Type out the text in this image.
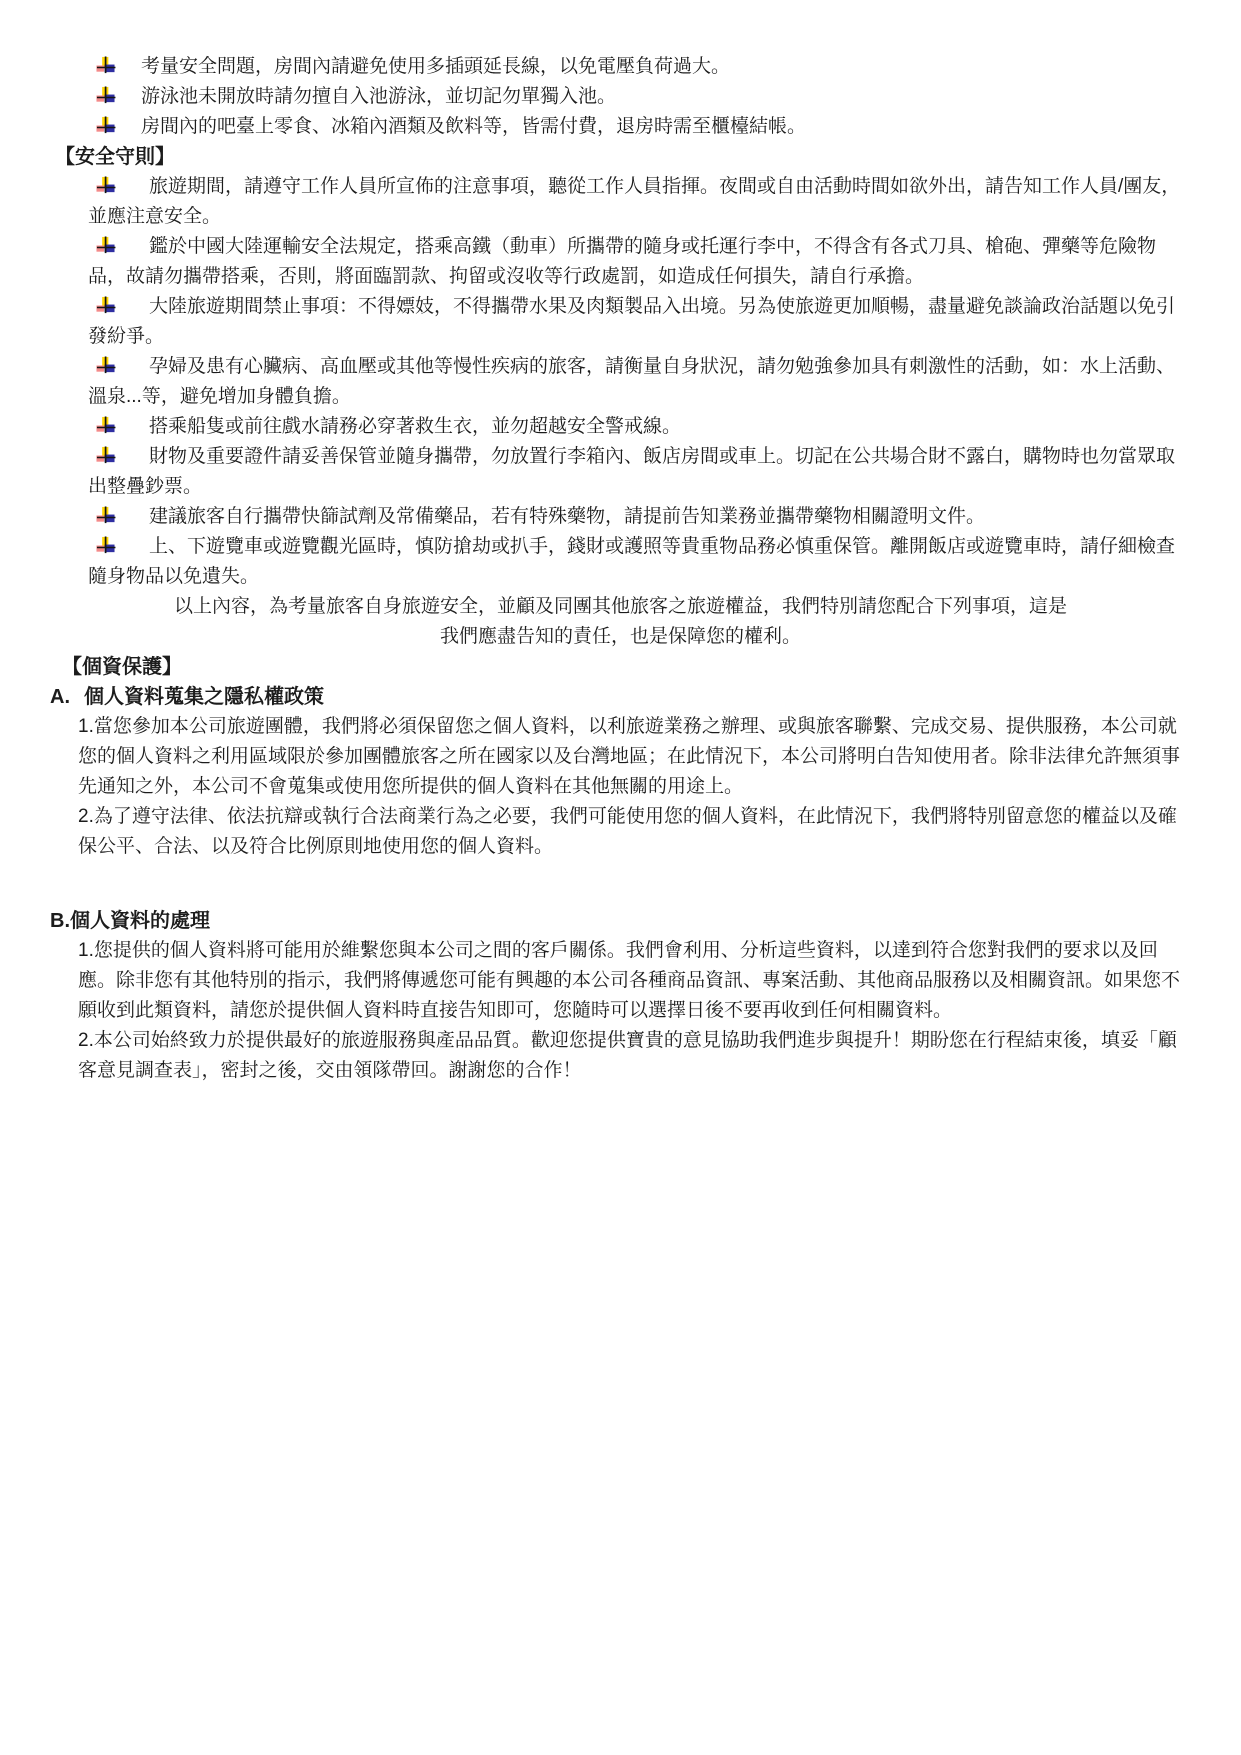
考量安全問題，房間內請避免使用多插頭延長線，以免電壓負荷過大。

游泳池未開放時請勿擅自入池游泳，並切記勿單獨入池。

房間內的吧臺上零食、冰箱內酒類及飲料等，皆需付費，退房時需至櫃檯結帳。

【安全守則】

旅遊期間，請遵守工作人員所宣佈的注意事項，聽從工作人員指揮。夜間或自由活動時間如欲外出，請告知工作人員/團友，並應注意安全。

鑑於中國大陸運輸安全法規定，搭乘高鐵（動車）所攜帶的隨身或托運行李中，不得含有各式刀具、槍砲、彈藥等危險物品，故請勿攜帶搭乘，否則，將面臨罰款、拘留或沒收等行政處罰，如造成任何損失，請自行承擔。

大陸旅遊期間禁止事項：不得嫖妓，不得攜帶水果及肉類製品入出境。另為使旅遊更加順暢，盡量避免談論政治話題以免引發紛爭。

孕婦及患有心臟病、高血壓或其他等慢性疾病的旅客，請衡量自身狀況，請勿勉強參加具有刺激性的活動，如：水上活動、溫泉...等，避免增加身體負擔。

搭乘船隻或前往戲水請務必穿著救生衣，並勿超越安全警戒線。

財物及重要證件請妥善保管並隨身攜帶，勿放置行李箱內、飯店房間或車上。切記在公共場合財不露白，購物時也勿當眾取出整疊鈔票。

建議旅客自行攜帶快篩試劑及常備藥品，若有特殊藥物，請提前告知業務並攜帶藥物相關證明文件。

上、下遊覽車或遊覽觀光區時，慎防搶劫或扒手，錢財或護照等貴重物品務必慎重保管。離開飯店或遊覽車時，請仔細檢查隨身物品以免遺失。

以上內容，為考量旅客自身旅遊安全，並顧及同團其他旅客之旅遊權益，我們特別請您配合下列事項，這是
我們應盡告知的責任，也是保障您的權利。

【個資保護】

A. 個人資料蒐集之隱私權政策

1.當您參加本公司旅遊團體，我們將必須保留您之個人資料，以利旅遊業務之辦理、或與旅客聯繫、完成交易、提供服務，本公司就您的個人資料之利用區域限於參加團體旅客之所在國家以及台灣地區；在此情況下，本公司將明白告知使用者。除非法律允許無須事先通知之外，本公司不會蒐集或使用您所提供的個人資料在其他無關的用途上。

2.為了遵守法律、依法抗辯或執行合法商業行為之必要，我們可能使用您的個人資料，在此情況下，我們將特別留意您的權益以及確保公平、合法、以及符合比例原則地使用您的個人資料。

B.個人資料的處理

1.您提供的個人資料將可能用於維繫您與本公司之間的客戶關係。我們會利用、分析這些資料，以達到符合您對我們的要求以及回應。除非您有其他特別的指示，我們將傳遞您可能有興趣的本公司各種商品資訊、專案活動、其他商品服務以及相關資訊。如果您不願收到此類資料，請您於提供個人資料時直接告知即可，您隨時可以選擇日後不要再收到任何相關資料。

2.本公司始終致力於提供最好的旅遊服務與產品品質。歡迎您提供寶貴的意見協助我們進步與提升！期盼您在行程結束後，填妥「顧客意見調查表」，密封之後，交由領隊帶回。謝謝您的合作！
